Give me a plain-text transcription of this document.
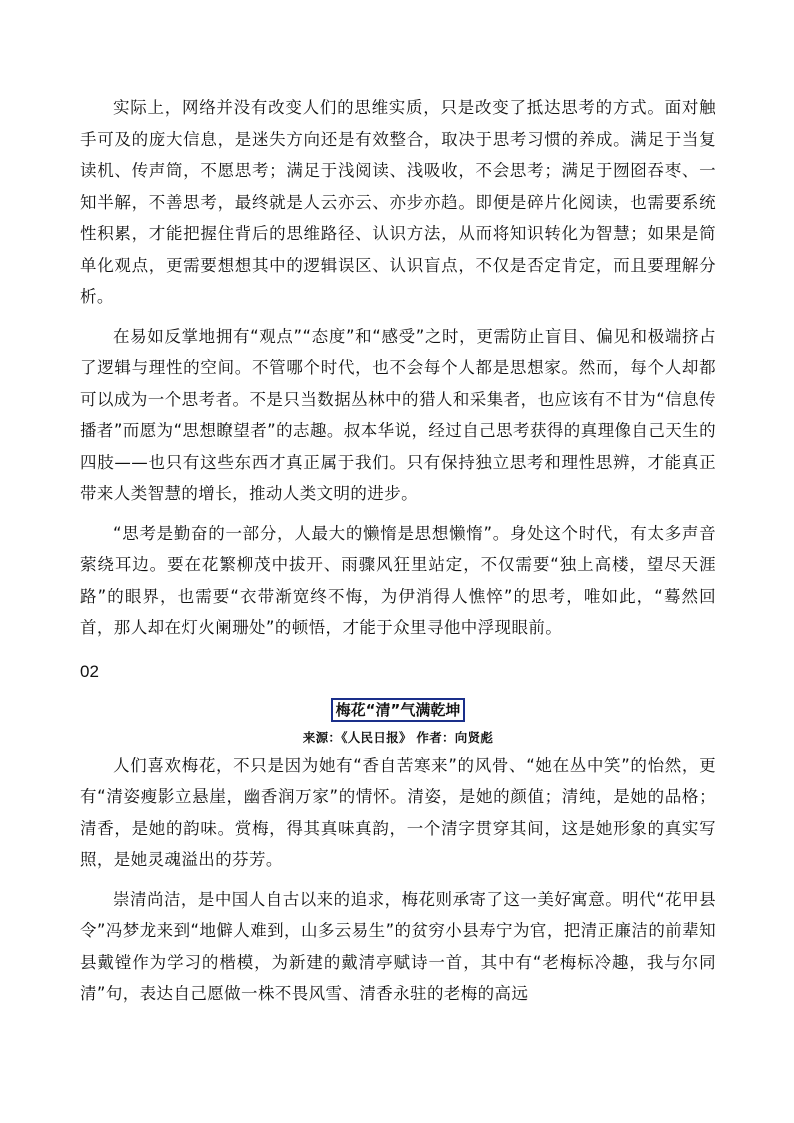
实际上，网络并没有改变人们的思维实质，只是改变了抵达思考的方式。面对触手可及的庞大信息，是迷失方向还是有效整合，取决于思考习惯的养成。满足于当复读机、传声筒，不愿思考；满足于浅阅读、浅吸收，不会思考；满足于囫囵吞枣、一知半解，不善思考，最终就是人云亦云、亦步亦趋。即便是碎片化阅读，也需要系统性积累，才能把握住背后的思维路径、认识方法，从而将知识转化为智慧；如果是简单化观点，更需要想想其中的逻辑误区、认识盲点，不仅是否定肯定，而且要理解分析。

在易如反掌地拥有“观点”“态度”和“感受”之时，更需防止盲目、偏见和极端挤占了逻辑与理性的空间。不管哪个时代，也不会每个人都是思想家。然而，每个人却都可以成为一个思考者。不是只当数据丛林中的猎人和采集者，也应该有不甘为“信息传播者”而愿为“思想瞭望者”的志趣。叔本华说，经过自己思考获得的真理像自己天生的四肢——也只有这些东西才真正属于我们。只有保持独立思考和理性思辨，才能真正带来人类智慧的增长，推动人类文明的进步。

“思考是勤奋的一部分，人最大的懒惰是思想懒惰”。身处这个时代，有太多声音萦绕耳边。要在花繁柳茂中拔开、雨骤风狂里站定，不仅需要“独上高楼，望尽天涯路”的眼界，也需要“衣带渐宽终不悔，为伊消得人憔悴”的思考，唯如此，“蓦然回首，那人却在灯火阑珊处”的顿悟，才能于众里寻他中浮现眼前。

02
梅花“清”气满乾坤
来源：《人民日报》 作者：向贤彪

人们喜欢梅花，不只是因为她有“香自苦寒来”的风骨、“她在丛中笑”的怡然，更有“清姿瘦影立悬崖，幽香润万家”的情怀。清姿，是她的颜值；清纯，是她的品格；清香，是她的韵味。赏梅，得其真味真韵，一个清字贯穿其间，这是她形象的真实写照，是她灵魂溢出的芬芳。

崇清尚洁，是中国人自古以来的追求，梅花则承寄了这一美好寓意。明代“花甲县令”冯梦龙来到“地僻人难到，山多云易生”的贫穷小县寿宁为官，把清正廉洁的前辈知县戴镗作为学习的楷模，为新建的戴清亭赋诗一首，其中有“老梅标冷趣，我与尔同清”句，表达自己愿做一株不畏风雪、清香永驻的老梅的高远
